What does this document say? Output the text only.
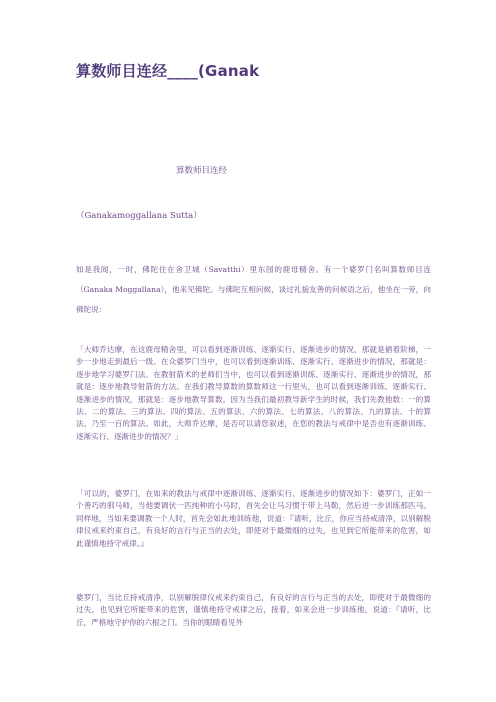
算数师目连经____(Ganak
算数师目连经
（Ganakamoggallana Sutta）
如是我闻，一时，佛陀住在舍卫城（Savatthi）里东园的鹿母精舍。有一个婆罗门名叫算数师目连（Ganaka Moggallana），他来见佛陀。与佛陀互相问候，谈过礼貌友善的问候语之后，他坐在一旁，向佛陀说：
「大师乔达摩，在这鹿母精舍里，可以看到逐渐训练、逐渐实行、逐渐进步的情况，那就是循着阶梯，一步一步地走到最后一级。在众婆罗门当中，也可以看到逐渐训练、逐渐实行、逐渐进步的情况，那就是：逐步地学习婆罗门法。在教射箭术的老师们当中，也可以看到逐渐训练、逐渐实行、逐渐进步的情况，那就是：逐步地教导射箭的方法。在我们教导算数的算数师这一行里头，也可以看到逐渐训练、逐渐实行、逐渐进步的情况，那就是：逐步地教导算数。因为当我们最初教导新学生的时候，我们先教他数：一的算法、二的算法、三的算法、四的算法、五的算法、六的算法、七的算法、八的算法、九的算法、十的算法，乃至一百的算法。如此，大师乔达摩，是否可以请您叙述，在您的教法与戒律中是否也有逐渐训练、逐渐实行、逐渐进步的情况？」
「可以的，婆罗门，在如来的教法与戒律中逐渐训练、逐渐实行、逐渐进步的情况如下：婆罗门，正如一个善巧的驯马师，当他要调伏一匹纯种的小马时，首先会让马习惯于带上马勒，然后进一步训练那匹马。同样地，当如来要调教一个人时，首先会如此地训练他，说道：『请听，比丘，你应当持戒清净，以别解脱律仪戒来约束自己，有良好的言行与正当的去处，即使对于最微细的过失，也见到它所能带来的危害，如此谨慎地持守戒律。』
婆罗门，当比丘持戒清净，以别解脱律仪戒来约束自己，有良好的言行与正当的去处，即使对于最微细的过失，也见到它所能带来的危害，谨慎地持守戒律之后，接着，如来会进一步训练他，说道：『请听，比丘，严格地守护你的六根之门。当你的眼睛看见外
